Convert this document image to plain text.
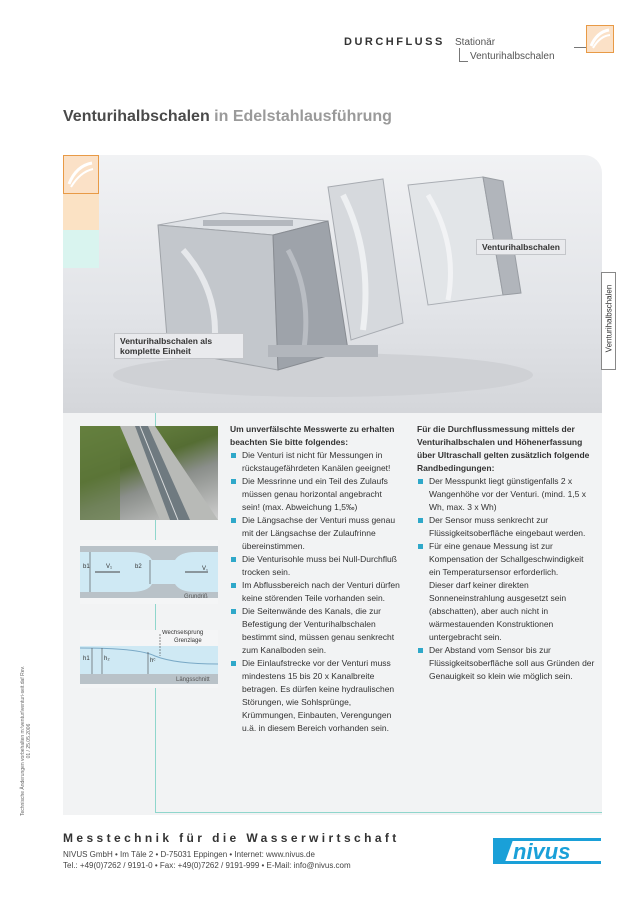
DURCHFLUSS Stationär
Venturihalbschalen
Venturihalbschalen in Edelstahlausführung
Venturihalbschalen
Venturihalbschalen als komplette Einheit	Venturihalbschalen
b1	V₁	b2	V꜀
Grundriß
Wechselsprung
Grenzlage
h1 h₂	hᶜ
Längsschnitt
Um unverfälschte Messwerte zu erhalten beachten Sie bitte folgendes:
Die Venturi ist nicht für Messungen in rückstaugefährdeten Kanälen geeignet!
Die Messrinne und ein Teil des Zulaufs müssen genau horizontal angebracht sein! (max. Abweichung 1,5‰)
Die Längsachse der Venturi muss genau mit der Längsachse der Zulaufrinne übereinstimmen.
Die Venturisohle muss bei Null-Durchfluß trocken sein.
Im Abflussbereich nach der Venturi dürfen keine störenden Teile vorhanden sein.
Die Seitenwände des Kanals, die zur Befestigung der Venturihalbschalen bestimmt sind, müssen genau senkrecht zum Kanalboden sein.
Die Einlaufstrecke vor der Venturi muss mindestens 15 bis 20 x Kanalbreite betragen. Es dürfen keine hydraulischen Störungen, wie Sohlsprünge, Krümmungen, Einbauten, Verengungen u.ä. in diesem Bereich vorhanden sein.
Für die Durchflussmessung mittels der Venturihalbschalen und Höhenerfassung über Ultraschall gelten zusätzlich folgende Randbedingungen:
Der Messpunkt liegt günstigenfalls 2 x Wangenhöhe vor der Venturi. (mind. 1,5 x Wh, max. 3 x Wh)
Der Sensor muss senkrecht zur Flüssigkeitsoberfläche eingebaut werden.
Für eine genaue Messung ist zur Kompensation der Schallgeschwindigkeit ein Temperatursensor erforderlich.
Dieser darf keiner direkten Sonneneinstrahlung ausgesetzt sein (abschatten), aber auch nicht in wärmestauenden Konstruktionen untergebracht sein.
Der Abstand vom Sensor bis zur Flüssigkeitsoberfläche soll aus Gründen der Genauigkeit so klein wie möglich sein.
Technische Änderungen vorbehalten m:\venturi\venturi-seit.daf Rev. 01 / 25.05.2006
Messtechnik für die Wasserwirtschaft
NIVUS GmbH • Im Täle 2 • D-75031 Eppingen • Internet: www.nivus.de
Tel.: +49(0)7262 / 9191-0 • Fax: +49(0)7262 / 9191-999 • E-Mail: info@nivus.com
nivus
